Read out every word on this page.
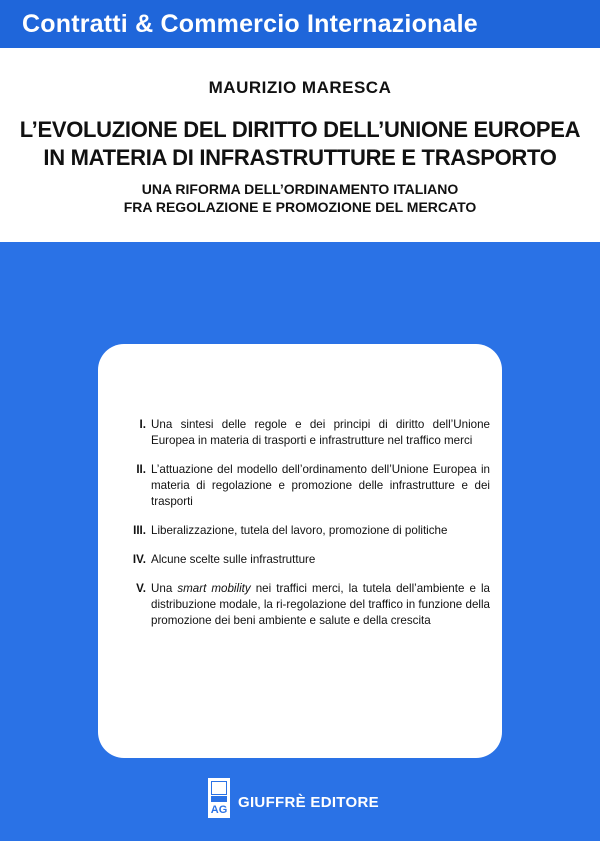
Contratti & Commercio Internazionale
MAURIZIO MARESCA
L’EVOLUZIONE DEL DIRITTO DELL’UNIONE EUROPEA
IN MATERIA DI INFRASTRUTTURE E TRASPORTO
UNA RIFORMA DELL’ORDINAMENTO ITALIANO
FRA REGOLAZIONE E PROMOZIONE DEL MERCATO
I. Una sintesi delle regole e dei principi di diritto dell’Unione Europea in materia di trasporti e infrastrutture nel traffico merci
II. L’attuazione del modello dell’ordinamento dell’Unione Europea in materia di regolazione e promozione delle infrastrutture e dei trasporti
III. Liberalizzazione, tutela del lavoro, promozione di politiche
IV. Alcune scelte sulle infrastrutture
V. Una smart mobility nei traffici merci, la tutela dell’ambiente e la distribuzione modale, la ri-regolazione del traffico in funzione della promozione dei beni ambiente e salute e della crescita
AG GIUFFRÈ EDITORE
